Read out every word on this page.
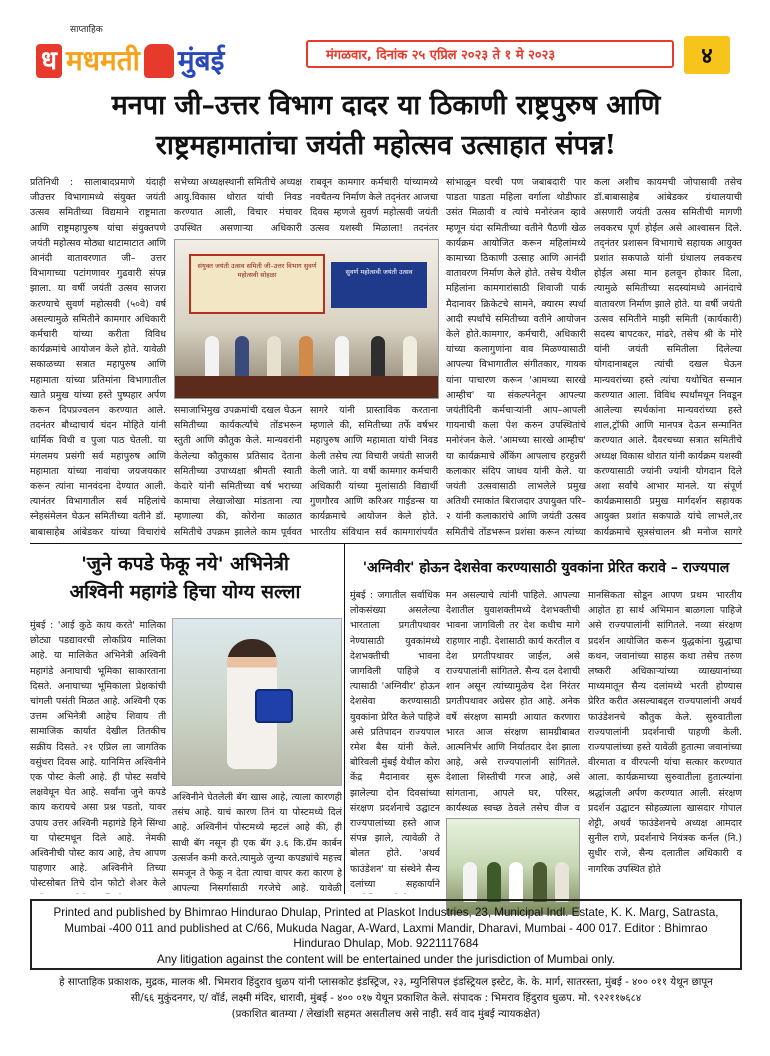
साप्ताहिक
ध मधमती मुंबई	मंगळवार, दिनांक २५ एप्रिल २०२३ ते १ मे २०२३	४
मनपा जी–उत्तर विभाग दादर या ठिकाणी राष्ट्रपुरुष आणि
राष्ट्रमहामातांचा जयंती महोत्सव उत्साहात संपन्न!
प्रतिनिधी : सालाबादप्रमाणे यंदाही जीउत्तर विभागामध्ये संयुक्त जयंती उत्सव समितीच्या विद्यमाने राष्ट्रमाता आणि राष्ट्रमहापुरुष यांचा संयुक्तपणे जयंती महोत्सव मोठ्या थाटामाटात आणि आनंदी वातावरणात जी– उत्तर विभागाच्या पटांगणावर गुढवारी संपन्न झाला. या वर्षी जयंती उत्सव साजरा करण्याचे सुवर्ण महोत्सवी (५०वे) वर्ष असल्यामुळे समितीने कामगार अधिकारी कर्मचारी यांच्या करीता विविध कार्यक्रमांचे आयोजन केले होते. यावेळी सकाळच्या सत्रात महापुरुष आणि महामाता यांच्या प्रतिमांना विभागातील खाते प्रमुख यांच्या हस्ते पुष्पहार अर्पण करून दिपप्रज्वलन करण्यात आले. तदनंतर बौध्दाचार्य चंदन मोहिते यांनी धार्मिक विधी व पुजा पाठ घेतली. या मंगलमय प्रसंगी सर्व महापुरुष आणि महामाता यांच्या नावांचा जयजयकार करून त्यांना मानवंदना देण्यात आली. त्यानंतर विभागातील सर्व महिलांचे स्नेहसंमेलन घेऊन समितीच्या वतीने डॉ. बाबासाहेब आंबेडकर यांच्या विचारांचे
सभेच्या अध्यक्षस्थानी समितीचे अध्यक्ष आयु.विकास थोरात यांची निवड करण्यात आली, विचार मंचावर उपस्थित असणाऱ्या अधिकारी
राबवून कामगार कर्मचारी यांच्यामध्ये नवचैतन्य निर्माण केले तद्नंतर आजचा दिवस म्हणजे सुवर्ण महोत्सवी जयंती उत्सव यशस्वी मिळाला! तदनंतर
संयुक्त जयंती उत्सव समिती जी–उत्तर विभाग सुवर्ण महोत्सवी सोहळा	सुवर्ण महोत्सवी जयंती उत्सव
समाजाभिमुख उपक्रमांची दखल घेऊन समितीच्या कार्यकर्त्यांचे तोंडभरून स्तुती आणि कौतुक केले. मान्यवरांनी केलेल्या कौतुकास प्रतिसाद देताना समितीच्या उपाध्यक्षा श्रीमती स्वाती केदारे यांनी समितीच्या वर्ष भराच्या कामाचा लेखाजोखा मांडताना त्या म्हणाल्या की, कोरोना काळात समितीचे उपक्रम झालेले काम पूर्ववत
सागरे यांनी प्रास्ताविक करताना म्हणाले की, समितीच्या तर्फे वर्षभर महापुरुष आणि महामाता यांची निवड केली तसेच त्या विचारी जयंती साजरी केली जाते. या वर्षी कामगार कर्मचारी अधिकारी यांच्या मुलांसाठी विद्यार्थी गुणगौरव आणि करिअर गाईडन्स या कार्यक्रमाचे आयोजन केले होते. भारतीय संविधान सर्व कामगारांपर्यंत
सांभाळून घरची पण जबाबदारी पार पाडता पाडता महिला वर्गाला थोडीफार उसंत मिळावी व त्यांचे मनोरंजन व्हावे म्हणून यंदा समितीच्या वतीने पैठणी खेळ कार्यक्रम आयोजित करून महिलांमध्ये कामाच्या ठिकाणी उत्साह आणि आनंदी वातावरण निर्माण केले होते. तसेच येथील महिलांना कामगारांसाठी शिवाजी पार्क मैदानावर क्रिकेटचे सामने, क्यारम स्पर्धा आदी स्पर्धांचे समितीच्या वतीने आयोजन केले होते.कामगार, कर्मचारी, अधिकारी यांच्या कलागुणांना वाव मिळण्यासाठी आपल्या विभागातील संगीतकार, गायक यांना पाचारण करून 'आमच्या सारखे आम्हीच' या संकल्पनेतून आपल्या जयंतीदिनी कर्मचाऱ्यांनी आप–आपली गायनाची कला पेश करुन उपस्थितांचे मनोरंजन केले. 'आमच्या सारखे आम्हीच' या कार्यक्रमाचे अँकिंग आपलाच हरहुन्नरी कलाकार संदिप जाधव यांनी केले. या जयंती उत्सवासाठी लाभलेले प्रमुख अतिथी रमाकांत बिराजदार उपायुक्त परि–२ यांनी कलाकारांचे आणि जयंती उत्सव समितीचे तोंडभरून प्रशंसा करून त्यांच्या
कला अशीच कायमची जोपासावी तसेच डॉ.बाबासाहेब आंबेडकर ग्रंथालयाची असणारी जयंती उत्सव समितीची मागणी लवकरच पूर्ण होईल असे आश्वासन दिले. तद्नंतर प्रशासन विभागाचे सहायक आयुक्त प्रशांत सकपाळे यांनी ग्रंथालय लवकरच होईल असा मान हलवून होकार दिला, त्यामुळे समितीच्या सदस्यांमध्ये आनंदाचे वातावरण निर्माण झाले होते. या वर्षी जयंती उत्सव समितीने माझी समिती (कार्यकारी) सदस्य बापटकर, मांढरे, तसेच श्री के मोरे यांनी जयंती समितीला दिलेल्या योगदानाबद्दल त्यांची दखल घेऊन मान्यवरांच्या हस्ते त्यांचा यथोचित सन्मान करण्यात आला. विविध स्पर्धांमधून निवडून आलेल्या स्पर्धकांना मान्यवरांच्या हस्ते शाल,ट्रॉफी आणि मानपत्र देऊन सन्मानित करण्यात आले. दैवरचच्या सत्रात समितीचे अध्यक्ष विकास थोरात यांनी कार्यक्रम यशस्वी करण्यासाठी ज्यांनी ज्यांनी योगदान दिले अशा सर्वांचे आभार मानले. या संपूर्ण कार्यक्रमासाठी प्रमुख मार्गदर्शन सहायक आयुक्त प्रशांत सकपाळे यांचे लाभले,तर कार्यक्रमाचे सूत्रसंचालन श्री मनोज सागरे
'जुने कपडे फेकू नये' अभिनेत्री
अश्विनी महागंडे हिचा योग्य सल्ला
मुंबई : 'आई कुठे काय करते' मालिका छोट्या पडद्यावरची लोकप्रिय मालिका आहे. या मालिकेत अभिनेत्री अश्विनी महागंडे अनाघाची भूमिका साकारताना दिसते. अनाघाच्या भूमिकाला प्रेक्षकांची चांगली पसंती मिळत आहे. अश्विनी एक उत्तम अभिनेत्री आहेच शिवाय ती सामाजिक कार्यात देखील तितकीच सक्रीय दिसते. २१ एप्रिल ला जागतिक वसुंधरा दिवस आहे. यानिमित्त अश्विनीने एक पोस्ट केली आहे. ही पोस्ट सर्वांचे लक्षवेधून घेत आहे. सर्वांना जुने कपडे काय करायचे असा प्रश्न पडतो, यावर उपाय उत्तर अश्विनी महागंडे हिने सिंग्धा या पोस्टमधून दिले आहे. नेमकी अश्विनीची पोस्ट काय आहे, तेच आपण पाहणार आहे. अश्विनीने तिच्या पोस्टसोबत तिचे दोन फोटो शेअर केले
अश्विनीने घेतलेली बॅग खास आहे, त्याला कारणही तसंच आहे. याचं कारण तिनं या पोस्टमध्ये दिलं आहे. अश्विनीनं पोस्टमध्ये म्हटलं आहे की, ही साधी बॅग नसून ही एक बॅग ३.६ कि.ग्रॅम कार्बन उत्सर्जन कमी करते.त्यामुळे जुन्या कपड्यांचे महत्त्व समजून ते फेकू न देता त्याचा वापर करा कारण हे आपल्या निसर्गासाठी गरजेचे आहे. यावेळी
'अग्निवीर' होऊन देशसेवा करण्यासाठी युवकांना प्रेरित करावे – राज्यपाल
मुंबई : जगातील सर्वाधिक लोकसंख्या असलेल्या भारताला प्रगतीपथावर नेण्यासाठी युवकांमध्ये देशभक्तीची भावना जागविली पाहिजे व त्यासाठी 'अग्निवीर' होऊन देशसेवा करण्यासाठी युवकांना प्रेरित केले पाहिजे असे प्रतिपादन राज्यपाल रमेश बैस यांनी केले. बोरिवली मुंबई येथील कोरा केंद्र मैदानावर सुरू झालेल्या दोन दिवसांच्या संरक्षण प्रदर्शनाचे उद्घाटन राज्यपालांच्या हस्ते आज संपन्न झाले, त्यावेळी ते बोलत होते. 'अथर्व फाउंडेशन' या संस्थेने सैन्य दलांच्या सहकार्याने
मन असल्याचे त्यांनी पाहिले. आपल्या देशातील युवाशक्तीमध्ये देशभक्तीची भावना जागविली तर देश कधीच मागे राहणार नाही. देशासाठी कार्य करतील व देश प्रगतीपथावर जाईल, असे राज्यपालांनी सांगितले. सैन्य दल देशाची शान असून त्यांच्यामुळेच देश निरंतर प्रगतीपथावर अग्रेसर होत आहे. अनेक वर्षे संरक्षण सामग्री आयात करणारा भारत आज संरक्षण सामग्रीबाबत आत्मनिर्भर आणि निर्यातदार देश झाला आहे, असे राज्यपालांनी सांगितले. देशाला शिस्तीची गरज आहे, असे सांगताना, आपले घर, परिसर, कार्यस्थळ स्वच्छ ठेवले तसेच वीज व
मानसिकता सोडून आपण प्रथम भारतीय आहोत हा सार्थ अभिमान बाळगला पाहिजे असे राज्यपालांनी सांगितले. नव्या संरक्षण प्रदर्शन आयोजित करून युद्धकांना युद्धाचा कथन, जवानांच्या साहस कथा तसेच तरुण लष्करी अधिकाऱ्यांच्या व्याख्यानांच्या माध्यमातून सैन्य दलांमध्ये भरती होण्यास प्रेरित करीत असल्याबद्दल राज्यपालांनी अथर्व फाउंडेशनचे कौतुक केले. सुरुवातीला राज्यपालांनी प्रदर्शनाची पाहणी केली. राज्यपालांच्या हस्ते यावेळी हुतात्मा जवानांच्या वीरमाता व वीरपत्नी यांचा सत्कार करण्यात आला. कार्यक्रमाच्या सुरुवातीला हुतात्म्यांना श्रद्धांजली अर्पण करण्यात आली. संरक्षण प्रदर्शन उद्घाटन सोहळ्याला खासदार गोपाल शेट्टी, अथर्व फाउंडेशनचे अध्यक्ष आमदार सुनील राणे, प्रदर्शनाचे नियंत्रक कर्नल (नि.) सुधीर राजे, सैन्य दलातील अधिकारी व नागरिक उपस्थित होते
Printed and published by Bhimrao Hindurao Dhulap, Printed at Plaskot Industries, 23, Municipal Indl. Estate, K. K. Marg, Satrasta, Mumbai -400 011 and published at C/66, Mukuda Nagar, A-Ward, Laxmi Mandir, Dharavi, Mumbai - 400 017. Editor : Bhimrao Hindurao Dhulap, Mob. 9221117684
Any litigation against the content will be entertained under the jurisdiction of Mumbai only.
हे साप्ताहिक प्रकाशक, मुद्रक, मालक श्री. भिमराव हिंदुराव धुळप यांनी प्लासकोट इंडस्ट्रिज, २३, म्युनिसिपल इंडस्ट्रियल इस्टेट, के. के. मार्ग, सातरस्ता, मुंबई - ४०० ०११ येथून छापून
सी/६६ मुकुंदनगर, ए/ वॉर्ड, लक्ष्मी मंदिर, धारावी, मुंबई - ४०० ०१७ येथून प्रकाशित केले. संपादक : भिमराव हिंदुराव धुळप. मो. ९२२११७६८४
(प्रकाशित बातम्या / लेखांशी सहमत असतीलच असे नाही. सर्व वाद मुंबई न्यायकक्षेत)
